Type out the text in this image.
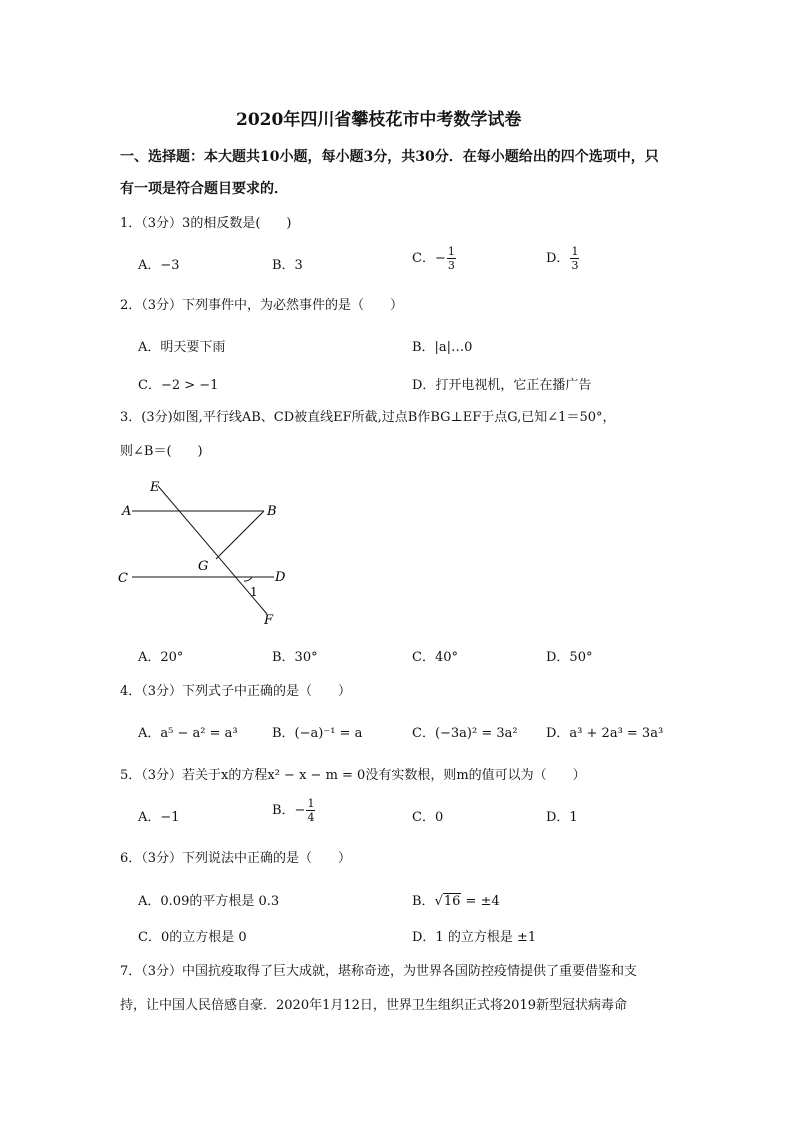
2020年四川省攀枝花市中考数学试卷
一、选择题：本大题共10小题，每小题3分，共30分．在每小题给出的四个选项中，只
有一项是符合题目要求的．
1．（3分）3的相反数是(　　)
A．−3	B．3	C．− $\frac{1}{3}$	D． $\frac{1}{3}$
2．（3分）下列事件中，为必然事件的是（　　）
A．明天要下雨	B．|a|…0
C．−2 > −1	D．打开电视机，它正在播广告
3．(3分)如图,平行线AB、CD被直线EF所截,过点B作BG⊥EF于点G,已知∠1＝50°，
则∠B＝(　　)
E
A	B
G
C	D
1
F
A．20°	B．30°	C．40°	D．50°
4．（3分）下列式子中正确的是（　　）
A．a⁵ − a² = a³	B．(−a)⁻¹ = a	C．(−3a)² = 3a² D．a³ + 2a³ = 3a³
5．（3分）若关于x的方程x² − x − m = 0没有实数根，则m的值可以为（　　）
A．−1	B．− $\frac{1}{4}$	C．0	D．1
6．（3分）下列说法中正确的是（　　）
A．0.09的平方根是 0.3	B．√16 = ±4
C．0的立方根是 0	D．1 的立方根是 ±1
7．（3分）中国抗疫取得了巨大成就，堪称奇迹，为世界各国防控疫情提供了重要借鉴和支
持，让中国人民倍感自豪．2020年1月12日，世界卫生组织正式将2019新型冠状病毒命
